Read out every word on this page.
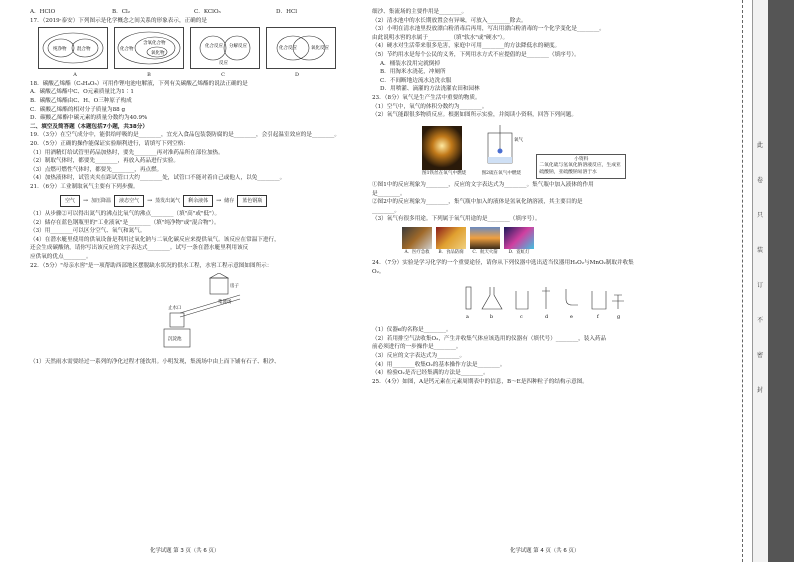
A．HClO	B．Cl₂	C．KClO₃	D．HCl
17．（2019·泰安）下列图示是化学概念之间关系的形象表示，正确的是
纯净物 混合物	化合物
含氧化合物
氧化物
化合反应 分解反应
反应
化合反应	氧化反应
A	B	C	D
18．碳酸乙烯酯（C₃H₄O₃）可用作锂电池电解液，下列有关碳酸乙烯酯的说法正确的是
A．碳酸乙烯酯中C、O元素质量比为1∶1
B．碳酸乙烯酯由C、H、O三种原子构成
C．碳酸乙烯酯的相对分子质量为88 g
D．碳酸乙烯酯中碳元素的质量分数约为40.9%
二、填空及简答题（本题包括7小题，共38分）
19．（3分）在空气成分中，能供给呼吸的是________，宜充入食品包装袋防腐的是________，会引起温室效应的是________。
20．（5分）正确的操作能保证实验顺利进行，请填写下列空格：
（1）用酒精灯给试管里药品加热时，要先________再对准药品所在部位加热。
（2）制取气体时，都要先________，再放入药品进行实验。
（3）点燃可燃性气体时，都要先________，再点燃。
（4）加热液体时，试管夹夹在距试管口大约________处，试管口不能对着自己或他人，以免________。
21．（6分）工业制取氧气主要有下列步骤。
空气	→ 加压降温	液态空气	→ 蒸发出氮气	剩余液体	→ 储存	蓝色钢瓶
（1）从步骤②可以得出氮气的沸点比氧气的沸点________（填"高"或"低"）。
（2）储存在蓝色钢瓶里的"工业液氧"是________（填"纯净物"或"混合物"）。
（3）用________可以区分空气、氧气和氮气。
（4）在潜水艇里使用的供氧设备是利用过氧化钠与二氧化碳反应来提供氧气。该反应在常温下进行，
还会生成碳酸钠，请你写出该反应的文字表达式________。试写一条在潜水艇里利用该反
应供氧的优点________。
22．（5分）"母亲水窖"是一项帮助西部地区摆脱缺水状况的供水工程，水窖工程示意图如图所示：
集流场
房子
止水口
沉淀池
（1）天然雨水需要经过一系列的净化过程才能饮用。小明发现，集流场中由上而下铺有石子、粗沙、
化学试题 第 3 页（共 6 页）
细沙、集流场的主要作用是________。
（2）清水池中的水长期放置会有异味，可放入________除去。
（3）小明在清水池里投放漂白粉消毒后再用，写出用漂白粉消毒的一个化学变化是________。
由此说明水窖的水属于________（填"软水"或"硬水"）。
（4）硬水对生活带来很多危害，家庭中可用________的方法降低水的硬度。
（5）节约用水是每个公民的义务，下列用水方式不应提倡的是________（填序号）。
A．桶装水没用完就倒掉
B．用淘米水浇花，冲厕所
C．不间断地边流水边洗衣服
D．用喷灌、滴灌的方法浇灌农田和园林
23．（8分）氧气是生产生活中重要的物质。
（1）空气中，氧气的体积分数约为________。
（2）氧气能跟很多物质反应。根据如图所示实验，并阅读小资料，回答下列问题。
图1铁丝在氧气中燃烧
氧气
图2硫在氧气中燃烧
小资料
二氧化硫与氢氧化钠溶液反应，生成亚硫酸钠，亚硫酸钠易溶于水
①图1中的反应现象为________，反应的文字表达式为________。集气瓶中加入液体的作用
是________。
②图2中的反应现象为________，集气瓶中加入的液体是氢氧化钠溶液，其主要目的是
________。
（3）氧气有很多用途。下列属于氧气用途的是________（填序号）。
A．医疗急救	B．食品防腐	C．航天火箭	D．霓虹灯
24．（7分）实验是学习化学的一个重要途径，请你从下列仪器中选出适当仪器用H₂O₂与MnO₂制取并收集
O₂。
a	b	c	d	e	f	g
（1）仪器e的名称是________。
（2）若用排空气法收集O₂，产生并收集气体应该选用的仪器有（填代号）________，装入药品
前必须进行的一步操作是________。
（3）反应的文字表达式为________。
（4）用________收集O₂的基本操作方法是________。
（4）检验O₂是否已经集满的方法是________。
25．（4分）如图，A是钙元素在元素周期表中的信息，B～E是四种粒子的结构示意图。
化学试题 第 4 页（共 6 页）
此
卷
只
装
订
不
密
封
